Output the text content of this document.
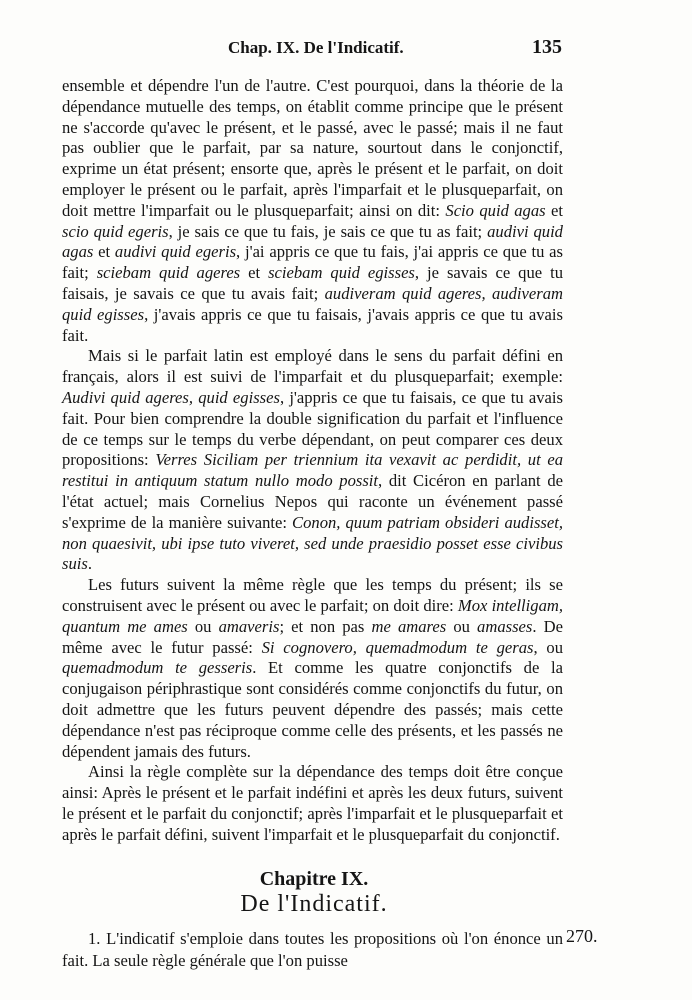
Chap. IX. De l'Indicatif.	135

ensemble et dépendre l'un de l'autre. C'est pourquoi, dans la théorie de la dépendance mutuelle des temps, on établit comme principe que le présent ne s'accorde qu'avec le présent, et le passé, avec le passé; mais il ne faut pas oublier que le parfait, par sa nature, sourtout dans le conjonctif, exprime un état présent; ensorte que, après le présent et le parfait, on doit employer le présent ou le parfait, après l'imparfait et le plusqueparfait, on doit mettre l'imparfait ou le plusqueparfait; ainsi on dit: Scio quid agas et scio quid egeris, je sais ce que tu fais, je sais ce que tu as fait; audivi quid agas et audivi quid egeris, j'ai appris ce que tu fais, j'ai appris ce que tu as fait; sciebam quid ageres et sciebam quid egisses, je savais ce que tu faisais, je savais ce que tu avais fait; audiveram quid ageres, audiveram quid egisses, j'avais appris ce que tu faisais, j'avais appris ce que tu avais fait.

Mais si le parfait latin est employé dans le sens du parfait défini en français, alors il est suivi de l'imparfait et du plusqueparfait; exemple: Audivi quid ageres, quid egisses, j'appris ce que tu faisais, ce que tu avais fait. Pour bien comprendre la double signification du parfait et l'influence de ce temps sur le temps du verbe dépendant, on peut comparer ces deux propositions: Verres Siciliam per triennium ita vexavit ac perdidit, ut ea restitui in antiquum statum nullo modo possit, dit Cicéron en parlant de l'état actuel; mais Cornelius Nepos qui raconte un événement passé s'exprime de la manière suivante: Conon, quum patriam obsideri audisset, non quaesivit, ubi ipse tuto viveret, sed unde praesidio posset esse civibus suis.

Les futurs suivent la même règle que les temps du présent; ils se construisent avec le présent ou avec le parfait; on doit dire: Mox intelligam, quantum me ames ou amaveris; et non pas me amares ou amasses. De même avec le futur passé: Si cognovero, quemadmodum te geras, ou quemadmodum te gesseris. Et comme les quatre conjonctifs de la conjugaison périphrastique sont considérés comme conjonctifs du futur, on doit admettre que les futurs peuvent dépendre des passés; mais cette dépendance n'est pas réciproque comme celle des présents, et les passés ne dépendent jamais des futurs.

Ainsi la règle complète sur la dépendance des temps doit être conçue ainsi: Après le présent et le parfait indéfini et après les deux futurs, suivent le présent et le parfait du conjonctif; après l'imparfait et le plusqueparfait et après le parfait défini, suivent l'imparfait et le plusqueparfait du conjonctif.

Chapitre IX.
De l'Indicatif.

1. L'indicatif s'emploie dans toutes les propositions où l'on énonce un fait. La seule règle générale que l'on puisse

270.
